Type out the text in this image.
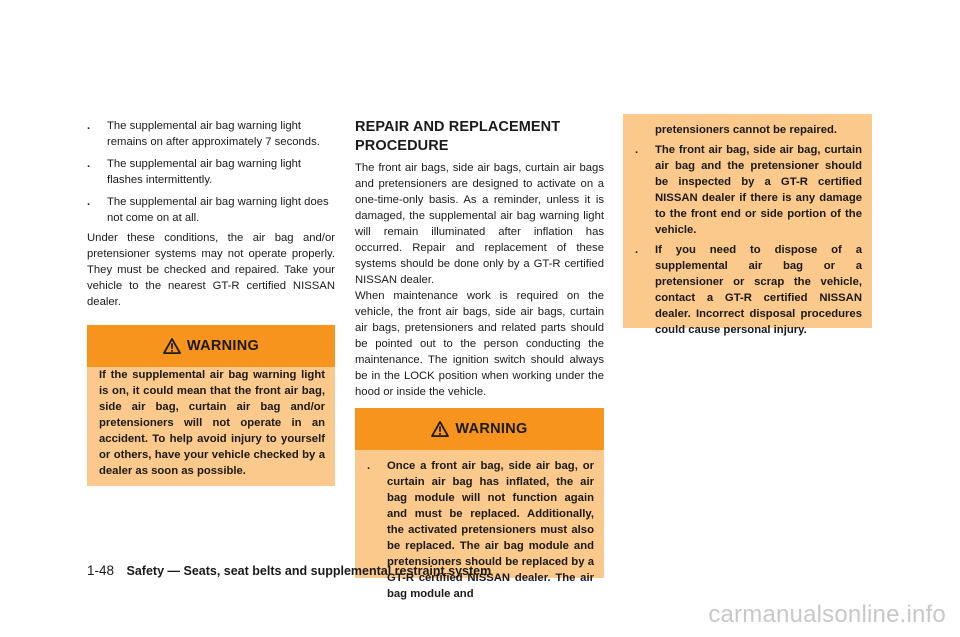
. The supplemental air bag warning light remains on after approximately 7 seconds.
. The supplemental air bag warning light flashes intermittently.
. The supplemental air bag warning light does not come on at all.

Under these conditions, the air bag and/or pretensioner systems may not operate properly. They must be checked and repaired. Take your vehicle to the nearest GT-R certified NISSAN dealer.

WARNING

If the supplemental air bag warning light is on, it could mean that the front air bag, side air bag, curtain air bag and/or pretensioners will not operate in an accident. To help avoid injury to yourself or others, have your vehicle checked by a dealer as soon as possible.

REPAIR AND REPLACEMENT PROCEDURE

The front air bags, side air bags, curtain air bags and pretensioners are designed to activate on a one-time-only basis. As a reminder, unless it is damaged, the supplemental air bag warning light will remain illuminated after inflation has occurred. Repair and replacement of these systems should be done only by a GT-R certified NISSAN dealer.

When maintenance work is required on the vehicle, the front air bags, side air bags, curtain air bags, pretensioners and related parts should be pointed out to the person conducting the maintenance. The ignition switch should always be in the LOCK position when working under the hood or inside the vehicle.

WARNING
. Once a front air bag, side air bag, or curtain air bag has inflated, the air bag module will not function again and must be replaced. Additionally, the activated pretensioners must also be replaced. The air bag module and pretensioners should be replaced by a GT-R certified NISSAN dealer. The air bag module and

pretensioners cannot be repaired.

. The front air bag, side air bag, curtain air bag and the pretensioner should be inspected by a GT-R certified NISSAN dealer if there is any damage to the front end or side portion of the vehicle.
. If you need to dispose of a supplemental air bag or a pretensioner or scrap the vehicle, contact a GT-R certified NISSAN dealer. Incorrect disposal procedures could cause personal injury.
1-48 Safety — Seats, seat belts and supplemental restraint system
carmanualsonline.info
